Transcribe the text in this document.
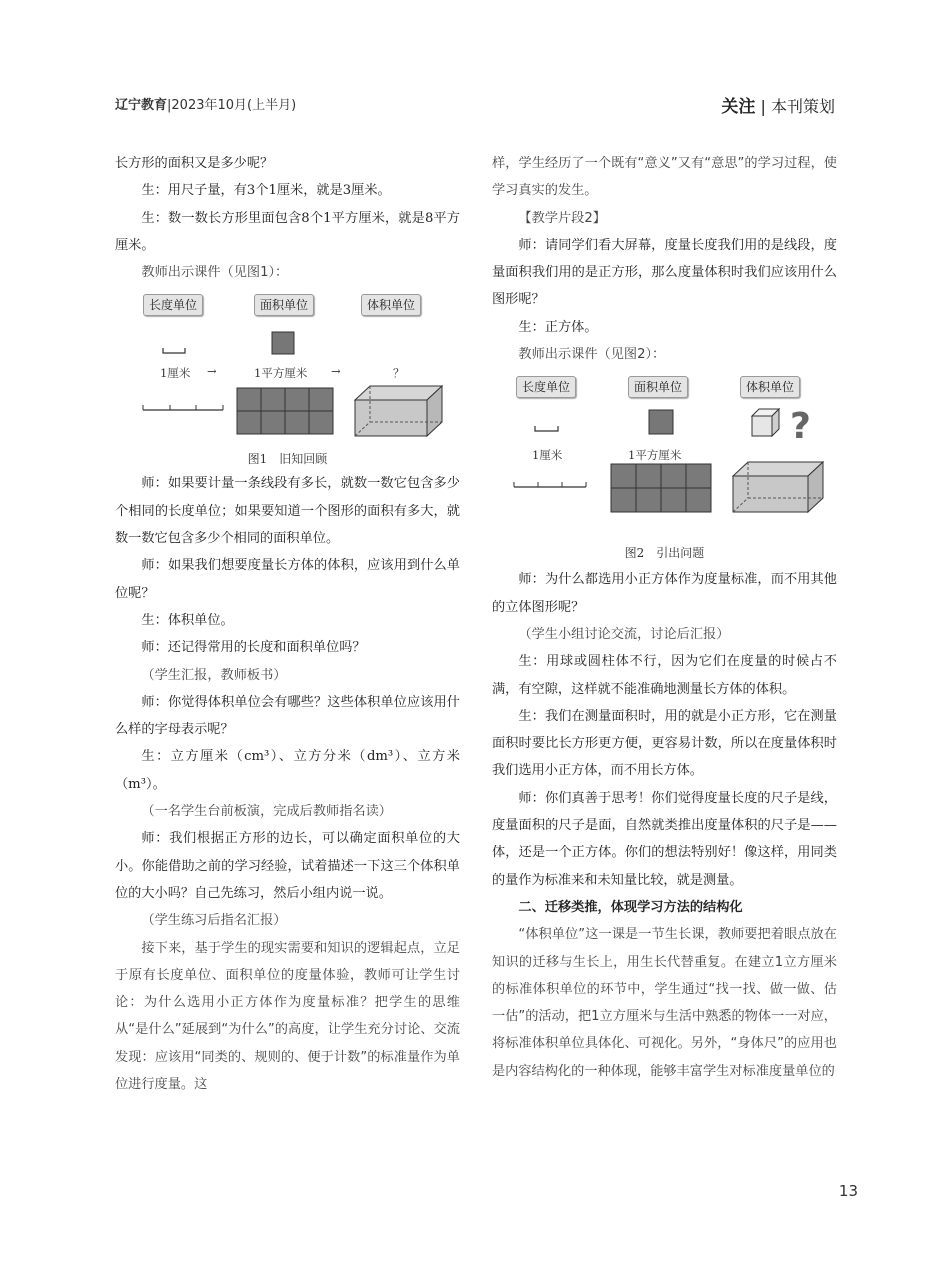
辽宁教育|2023年10月(上半月)	关注 | 本刊策划

长方形的面积又是多少呢？

生：用尺子量，有3个1厘米，就是3厘米。

生：数一数长方形里面包含8个1平方厘米，就是8平方厘米。

教师出示课件（见图1）：

长度单位	面积单位	体积单位
1厘米 →	1平方厘米 →	？
图1　旧知回顾

师：如果要计量一条线段有多长，就数一数它包含多少个相同的长度单位；如果要知道一个图形的面积有多大，就数一数它包含多少个相同的面积单位。

师：如果我们想要度量长方体的体积，应该用到什么单位呢？

生：体积单位。

师：还记得常用的长度和面积单位吗？

（学生汇报，教师板书）

师：你觉得体积单位会有哪些？这些体积单位应该用什么样的字母表示呢？

生：立方厘米（cm³）、立方分米（dm³）、立方米（m³）。

（一名学生台前板演，完成后教师指名读）

师：我们根据正方形的边长，可以确定面积单位的大小。你能借助之前的学习经验，试着描述一下这三个体积单位的大小吗？自己先练习，然后小组内说一说。

（学生练习后指名汇报）

接下来，基于学生的现实需要和知识的逻辑起点，立足于原有长度单位、面积单位的度量体验，教师可让学生讨论：为什么选用小正方体作为度量标准？把学生的思维从“是什么”延展到“为什么”的高度，让学生充分讨论、交流发现：应该用“同类的、规则的、便于计数”的标准量作为单位进行度量。这

样，学生经历了一个既有“意义”又有“意思”的学习过程，使学习真实的发生。

【教学片段2】

师：请同学们看大屏幕，度量长度我们用的是线段，度量面积我们用的是正方形，那么度量体积时我们应该用什么图形呢？

生：正方体。

教师出示课件（见图2）：

长度单位	面积单位	体积单位
?
1厘米	1平方厘米
图2　引出问题

师：为什么都选用小正方体作为度量标准，而不用其他的立体图形呢？

（学生小组讨论交流，讨论后汇报）

生：用球或圆柱体不行，因为它们在度量的时候占不满，有空隙，这样就不能准确地测量长方体的体积。

生：我们在测量面积时，用的就是小正方形，它在测量面积时要比长方形更方便，更容易计数，所以在度量体积时我们选用小正方体，而不用长方体。

师：你们真善于思考！你们觉得度量长度的尺子是线，度量面积的尺子是面，自然就类推出度量体积的尺子是——体，还是一个正方体。你们的想法特别好！像这样，用同类的量作为标准来和未知量比较，就是测量。

二、迁移类推，体现学习方法的结构化

“体积单位”这一课是一节生长课，教师要把着眼点放在知识的迁移与生长上，用生长代替重复。在建立1立方厘米的标准体积单位的环节中，学生通过“找一找、做一做、估一估”的活动，把1立方厘米与生活中熟悉的物体一一对应，将标准体积单位具体化、可视化。另外，“身体尺”的应用也是内容结构化的一种体现，能够丰富学生对标准度量单位的

13
